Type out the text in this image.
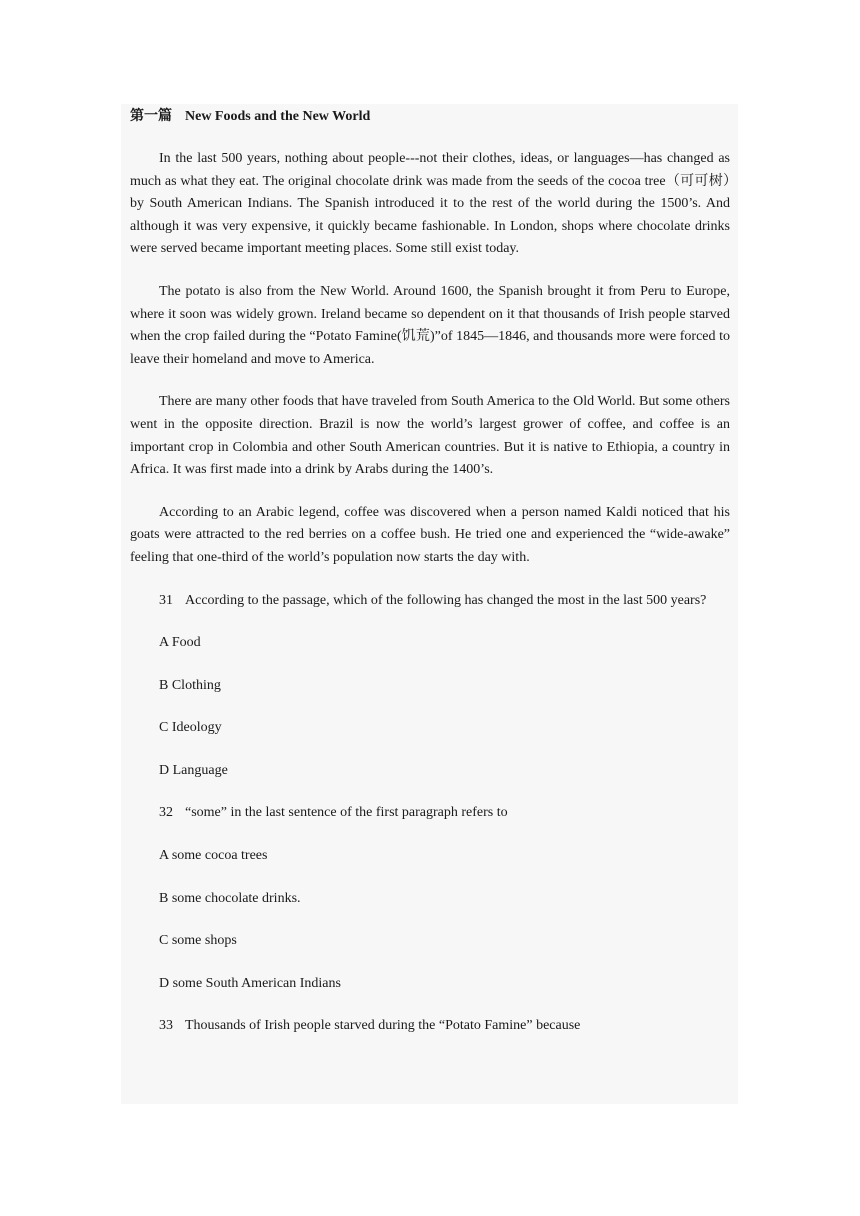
第一篇 New Foods and the New World

In the last 500 years, nothing about people---not their clothes, ideas, or languages—has changed as much as what they eat. The original chocolate drink was made from the seeds of the cocoa tree（可可树）by South American Indians. The Spanish introduced it to the rest of the world during the 1500’s. And although it was very expensive, it quickly became fashionable. In London, shops where chocolate drinks were served became important meeting places. Some still exist today.

The potato is also from the New World. Around 1600, the Spanish brought it from Peru to Europe, where it soon was widely grown. Ireland became so dependent on it that thousands of Irish people starved when the crop failed during the “Potato Famine(饥荒)”of 1845—1846, and thousands more were forced to leave their homeland and move to America.

There are many other foods that have traveled from South America to the Old World. But some others went in the opposite direction. Brazil is now the world’s largest grower of coffee, and coffee is an important crop in Colombia and other South American countries. But it is native to Ethiopia, a country in Africa. It was first made into a drink by Arabs during the 1400’s.

According to an Arabic legend, coffee was discovered when a person named Kaldi noticed that his goats were attracted to the red berries on a coffee bush. He tried one and experienced the “wide-awake” feeling that one-third of the world’s population now starts the day with.

31 According to the passage, which of the following has changed the most in the last 500 years?

A Food
B Clothing
C Ideology
D Language

32 “some” in the last sentence of the first paragraph refers to

A some cocoa trees
B some chocolate drinks.
C some shops
D some South American Indians

33 Thousands of Irish people starved during the “Potato Famine” because
